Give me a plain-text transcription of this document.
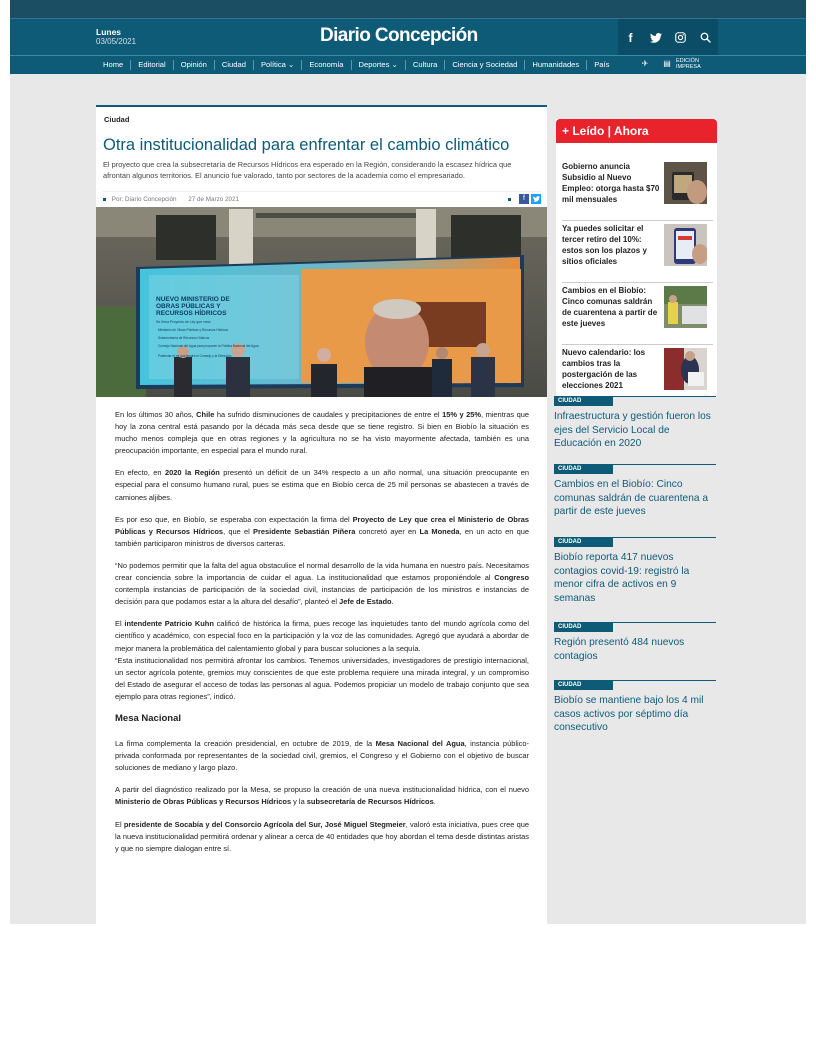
Lunes
03/05/2021	Diario Concepción	f
Home	Editorial	Opinión	Ciudad	Política ⌄	Economía	Deportes ⌄	Cultura	Ciencia y Sociedad	Humanidades	País	✈	▤ EDICIÓN IMPRESA
Ciudad
Otra institucionalidad para enfrentar el cambio climático
El proyecto que crea la subsecretaría de Recursos Hídricos era esperado en la Región, considerando la escasez hídrica que afrontan algunos territorios. El anuncio fue valorado, tanto por sectores de la academia como el empresariado.
Por: Diario Concepción 27 de Marzo 2021	f
NUEVO MINISTERIO DE
OBRAS PÚBLICAS Y
RECURSOS HÍDRICOS
Se firma Proyecto de Ley que crea:
Ministerio de Obras Públicas y Recursos Hídricos
Subsecretaría de Recursos Hídricos
Consejo Nacional del Agua para proponer la Política Nacional del Agua
Potenciar el rol que tendrá el Consejo y la Dirección

En los últimos 30 años, Chile ha sufrido disminuciones de caudales y precipitaciones de entre el 15% y 25%, mientras que hoy la zona central está pasando por la década más seca desde que se tiene registro. Si bien en Biobío la situación es mucho menos compleja que en otras regiones y la agricultura no se ha visto mayormente afectada, también es una preocupación importante, en especial para el mundo rural.

En efecto, en 2020 la Región presentó un déficit de un 34% respecto a un año normal, una situación preocupante en especial para el consumo humano rural, pues se estima que en Biobío cerca de 25 mil personas se abastecen a través de camiones aljibes.

Es por eso que, en Biobío, se esperaba con expectación la firma del Proyecto de Ley que crea el Ministerio de Obras Públicas y Recursos Hídricos, que el Presidente Sebastián Piñera concretó ayer en La Moneda, en un acto en que también participaron ministros de diversos carteras.

“No podemos permitir que la falta del agua obstaculice el normal desarrollo de la vida humana en nuestro país. Necesitamos crear conciencia sobre la importancia de cuidar el agua. La institucionalidad que estamos proponiéndole al Congreso contempla instancias de participación de la sociedad civil, instancias de participación de los ministros e instancias de decisión para que podamos estar a la altura del desafío”, planteó el Jefe de Estado.

El intendente Patricio Kuhn calificó de histórica la firma, pues recoge las inquietudes tanto del mundo agrícola como del científico y académico, con especial foco en la participación y la voz de las comunidades. Agregó que ayudará a abordar de mejor manera la problemática del calentamiento global y para buscar soluciones a la sequía.
“Esta institucionalidad nos permitirá afrontar los cambios. Tenemos universidades, investigadores de prestigio internacional, un sector agrícola potente, gremios muy conscientes de que este problema requiere una mirada integral, y un compromiso del Estado de asegurar el acceso de todas las personas al agua. Podemos propiciar un modelo de trabajo conjunto que sea ejemplo para otras regiones”, indicó.

Mesa Nacional

La firma complementa la creación presidencial, en octubre de 2019, de la Mesa Nacional del Agua, instancia público-privada conformada por representantes de la sociedad civil, gremios, el Congreso y el Gobierno con el objetivo de buscar soluciones de mediano y largo plazo.

A partir del diagnóstico realizado por la Mesa, se propuso la creación de una nueva institucionalidad hídrica, con el nuevo Ministerio de Obras Públicas y Recursos Hídricos y la subsecretaría de Recursos Hídricos.

El presidente de Socabía y del Consorcio Agrícola del Sur, José Miguel Stegmeier, valoró esta iniciativa, pues cree que la nueva institucionalidad permitirá ordenar y alinear a cerca de 40 entidades que hoy abordan el tema desde distintas aristas y que no siempre dialogan entre sí.

+ Leído | Ahora
Gobierno anuncia Subsidio al Nuevo Empleo: otorga hasta $70 mil mensuales
Ya puedes solicitar el tercer retiro del 10%: estos son los plazos y sitios oficiales
Cambios en el Biobío: Cinco comunas saldrán de cuarentena a partir de este jueves
Nuevo calendario: los cambios tras la postergación de las elecciones 2021
CIUDAD
Infraestructura y gestión fueron los ejes del Servicio Local de Educación en 2020
CIUDAD
Cambios en el Biobío: Cinco comunas saldrán de cuarentena a partir de este jueves
CIUDAD
Biobío reporta 417 nuevos contagios covid-19: registró la menor cifra de activos en 9 semanas
CIUDAD
Región presentó 484 nuevos contagios
CIUDAD
Biobío se mantiene bajo los 4 mil casos activos por séptimo día consecutivo
